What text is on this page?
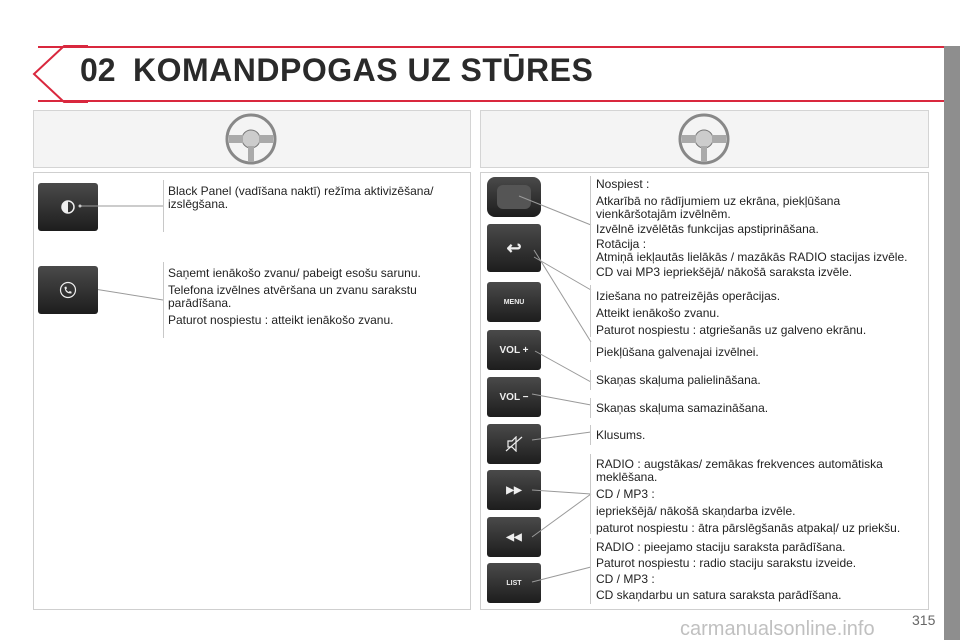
02 KOMANDPOGAS UZ STŪRES

Black Panel (vadīšana naktī) režīma aktivizēšana/ izslēgšana.

Saņemt ienākošo zvanu/ pabeigt esošu sarunu.

Telefona izvēlnes atvēršana un zvanu sarakstu parādīšana.

Paturot nospiestu : atteikt ienākošo zvanu.

↩
MENU
VOL +
VOL −
▶▶
◀◀
LIST

Nospiest :

Atkarībā no rādījumiem uz ekrāna, piekļūšana vienkāršotajām izvēlnēm.

Izvēlnē izvēlētās funkcijas apstiprināšana.

Rotācija :

Atmiņā iekļautās lielākās / mazākās RADIO stacijas izvēle.

CD vai MP3 iepriekšējā/ nākošā saraksta izvēle.

Iziešana no patreizējās operācijas.

Atteikt ienākošo zvanu.

Paturot nospiestu : atgriešanās uz galveno ekrānu.

Piekļūšana galvenajai izvēlnei.

Skaņas skaļuma palielināšana.

Skaņas skaļuma samazināšana.

Klusums.

RADIO : augstākas/ zemākas frekvences automātiska meklēšana.

CD / MP3 :

iepriekšējā/ nākošā skaņdarba izvēle.

paturot nospiestu : ātra pārslēgšanās atpakaļ/ uz priekšu.

RADIO : pieejamo staciju saraksta parādīšana.

Paturot nospiestu : radio staciju sarakstu izveide.

CD / MP3 :

CD skaņdarbu un satura saraksta parādīšana.

carmanualsonline.info	315
